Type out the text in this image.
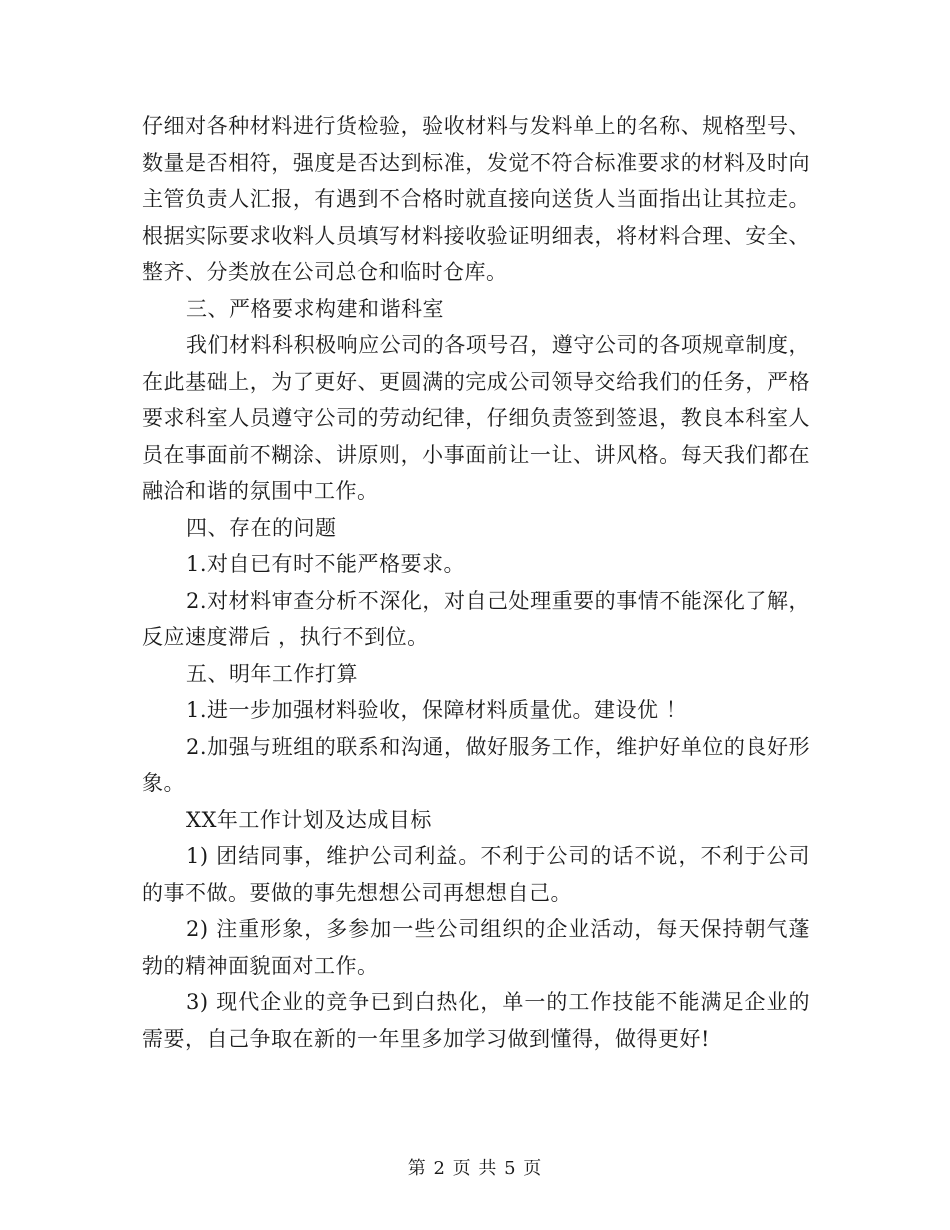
仔细对各种材料进行货检验，验收材料与发料单上的名称、规格型号、数量是否相符，强度是否达到标准，发觉不符合标准要求的材料及时向主管负责人汇报，有遇到不合格时就直接向送货人当面指出让其拉走。根据实际要求收料人员填写材料接收验证明细表，将材料合理、安全、整齐、分类放在公司总仓和临时仓库。

三、严格要求构建和谐科室

我们材料科积极响应公司的各项号召，遵守公司的各项规章制度，在此基础上，为了更好、更圆满的完成公司领导交给我们的任务，严格要求科室人员遵守公司的劳动纪律，仔细负责签到签退，教良本科室人员在事面前不糊涂、讲原则，小事面前让一让、讲风格。每天我们都在融洽和谐的氛围中工作。

四、存在的问题

1.对自已有时不能严格要求。

2.对材料审查分析不深化，对自己处理重要的事情不能深化了解，反应速度滞后 ，执行不到位。

五、明年工作打算

1.进一步加强材料验收，保障材料质量优。建设优 ！

2.加强与班组的联系和沟通，做好服务工作，维护好单位的良好形象。

XX年工作计划及达成目标

1) 团结同事，维护公司利益。不利于公司的话不说，不利于公司的事不做。要做的事先想想公司再想想自己。

2) 注重形象，多参加一些公司组织的企业活动，每天保持朝气蓬勃的精神面貌面对工作。

3) 现代企业的竞争已到白热化，单一的工作技能不能满足企业的需要，自己争取在新的一年里多加学习做到懂得，做得更好!

第 2 页 共 5 页
